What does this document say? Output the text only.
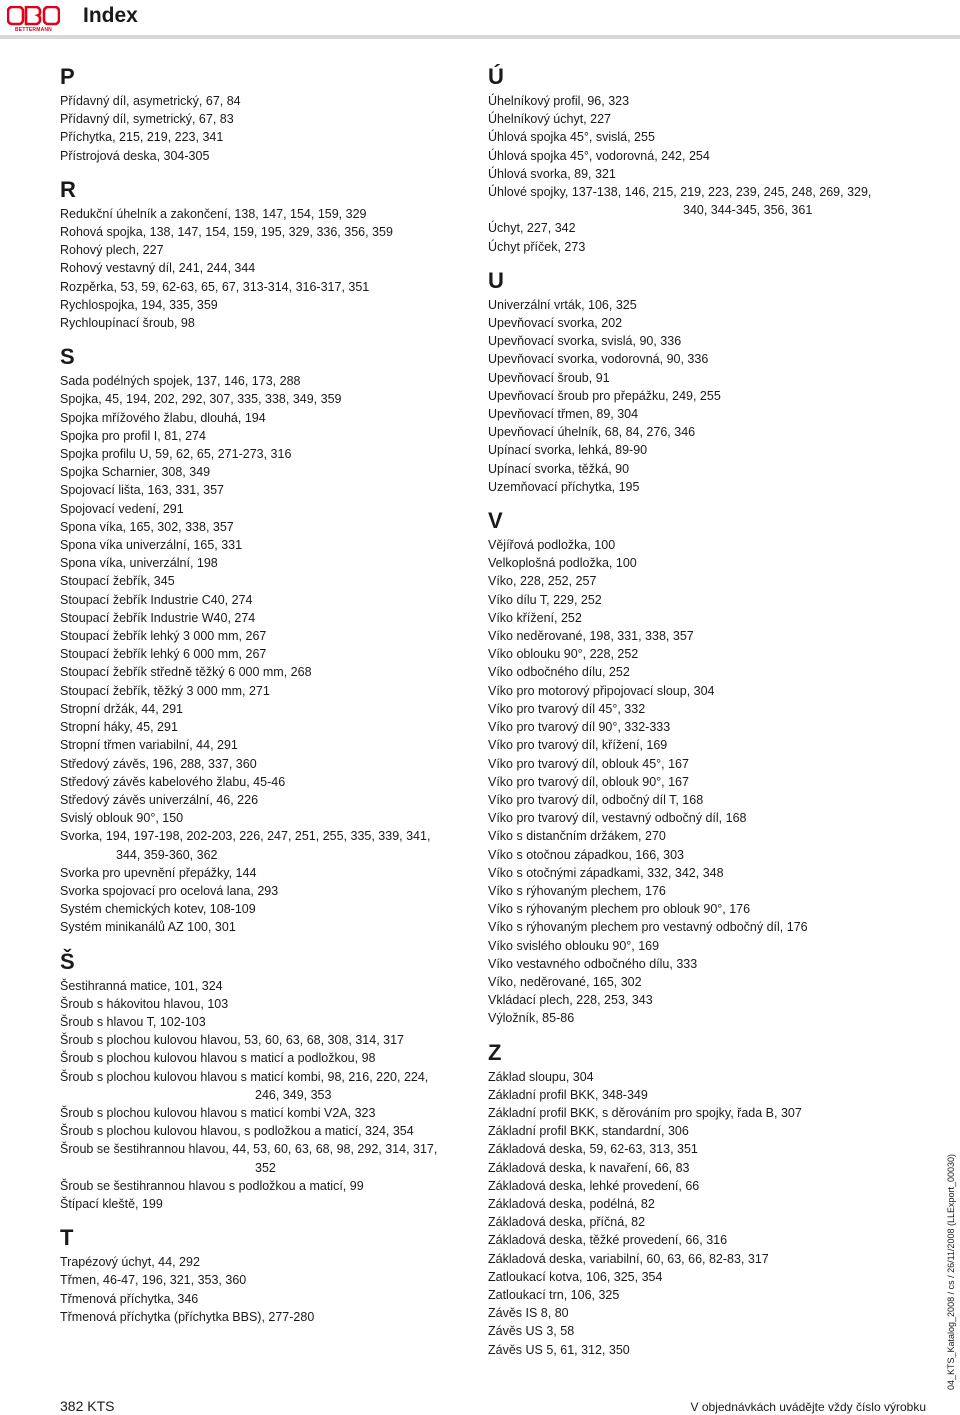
BETTERMANN
Index
P
Přídavný díl, asymetrický, 67, 84
Přídavný díl, symetrický, 67, 83
Příchytka, 215, 219, 223, 341
Přístrojová deska, 304-305
R
Redukční úhelník a zakončení, 138, 147, 154, 159, 329
Rohová spojka, 138, 147, 154, 159, 195, 329, 336, 356, 359
Rohový plech, 227
Rohový vestavný díl, 241, 244, 344
Rozpěrka, 53, 59, 62-63, 65, 67, 313-314, 316-317, 351
Rychlospojka, 194, 335, 359
Rychloupínací šroub, 98
S
Sada podélných spojek, 137, 146, 173, 288
Spojka, 45, 194, 202, 292, 307, 335, 338, 349, 359
Spojka mřížového žlabu, dlouhá, 194
Spojka pro profil I, 81, 274
Spojka profilu U, 59, 62, 65, 271-273, 316
Spojka Scharnier, 308, 349
Spojovací lišta, 163, 331, 357
Spojovací vedení, 291
Spona víka, 165, 302, 338, 357
Spona víka univerzální, 165, 331
Spona víka, univerzální, 198
Stoupací žebřík, 345
Stoupací žebřík Industrie C40, 274
Stoupací žebřík Industrie W40, 274
Stoupací žebřík lehký 3 000 mm, 267
Stoupací žebřík lehký 6 000 mm, 267
Stoupací žebřík středně těžký 6 000 mm, 268
Stoupací žebřík, těžký 3 000 mm, 271
Stropní držák, 44, 291
Stropní háky, 45, 291
Stropní třmen variabilní, 44, 291
Středový závěs, 196, 288, 337, 360
Středový závěs kabelového žlabu, 45-46
Středový závěs univerzální, 46, 226
Svislý oblouk 90°, 150
Svorka, 194, 197-198, 202-203, 226, 247, 251, 255, 335, 339, 341,
344, 359-360, 362
Svorka pro upevnění přepážky, 144
Svorka spojovací pro ocelová lana, 293
Systém chemických kotev, 108-109
Systém minikanálů AZ 100, 301
Š
Šestihranná matice, 101, 324
Šroub s hákovitou hlavou, 103
Šroub s hlavou T, 102-103
Šroub s plochou kulovou hlavou, 53, 60, 63, 68, 308, 314, 317
Šroub s plochou kulovou hlavou s maticí a podložkou, 98
Šroub s plochou kulovou hlavou s maticí kombi, 98, 216, 220, 224,
246, 349, 353
Šroub s plochou kulovou hlavou s maticí kombi V2A, 323
Šroub s plochou kulovou hlavou, s podložkou a maticí, 324, 354
Šroub se šestihrannou hlavou, 44, 53, 60, 63, 68, 98, 292, 314, 317,
352
Šroub se šestihrannou hlavou s podložkou a maticí, 99
Štípací kleště, 199
T
Trapézový úchyt, 44, 292
Třmen, 46-47, 196, 321, 353, 360
Třmenová příchytka, 346
Třmenová příchytka (příchytka BBS), 277-280
Ú
Úhelníkový profil, 96, 323
Úhelníkový úchyt, 227
Úhlová spojka 45°, svislá, 255
Úhlová spojka 45°, vodorovná, 242, 254
Úhlová svorka, 89, 321
Úhlové spojky, 137-138, 146, 215, 219, 223, 239, 245, 248, 269, 329,
340, 344-345, 356, 361
Úchyt, 227, 342
Úchyt příček, 273
U
Univerzální vrták, 106, 325
Upevňovací svorka, 202
Upevňovací svorka, svislá, 90, 336
Upevňovací svorka, vodorovná, 90, 336
Upevňovací šroub, 91
Upevňovací šroub pro přepážku, 249, 255
Upevňovací třmen, 89, 304
Upevňovací úhelník, 68, 84, 276, 346
Upínací svorka, lehká, 89-90
Upínací svorka, těžká, 90
Uzemňovací příchytka, 195
V
Vějířová podložka, 100
Velkoplošná podložka, 100
Víko, 228, 252, 257
Víko dílu T, 229, 252
Víko křížení, 252
Víko neděrované, 198, 331, 338, 357
Víko oblouku 90°, 228, 252
Víko odbočného dílu, 252
Víko pro motorový připojovací sloup, 304
Víko pro tvarový díl 45°, 332
Víko pro tvarový díl 90°, 332-333
Víko pro tvarový díl, křížení, 169
Víko pro tvarový díl, oblouk 45°, 167
Víko pro tvarový díl, oblouk 90°, 167
Víko pro tvarový díl, odbočný díl T, 168
Víko pro tvarový díl, vestavný odbočný díl, 168
Víko s distančním držákem, 270
Víko s otočnou západkou, 166, 303
Víko s otočnými západkami, 332, 342, 348
Víko s rýhovaným plechem, 176
Víko s rýhovaným plechem pro oblouk 90°, 176
Víko s rýhovaným plechem pro vestavný odbočný díl, 176
Víko svislého oblouku 90°, 169
Víko vestavného odbočného dílu, 333
Víko, neděrované, 165, 302
Vkládací plech, 228, 253, 343
Výložník, 85-86
Z
Základ sloupu, 304
Základní profil BKK, 348-349
Základní profil BKK, s děrováním pro spojky, řada B, 307
Základní profil BKK, standardní, 306
Základová deska, 59, 62-63, 313, 351
Základová deska, k navaření, 66, 83
Základová deska, lehké provedení, 66
Základová deska, podélná, 82
Základová deska, příčná, 82
Základová deska, těžké provedení, 66, 316
Základová deska, variabilní, 60, 63, 66, 82-83, 317
Zatloukací kotva, 106, 325, 354
Zatloukací trn, 106, 325
Závěs IS 8, 80
Závěs US 3, 58
Závěs US 5, 61, 312, 350
382 KTS	V objednávkách uvádějte vždy číslo výrobku
04_KTS_Katalog_2008 / cs / 26/11/2008 (LLExport_00030)
